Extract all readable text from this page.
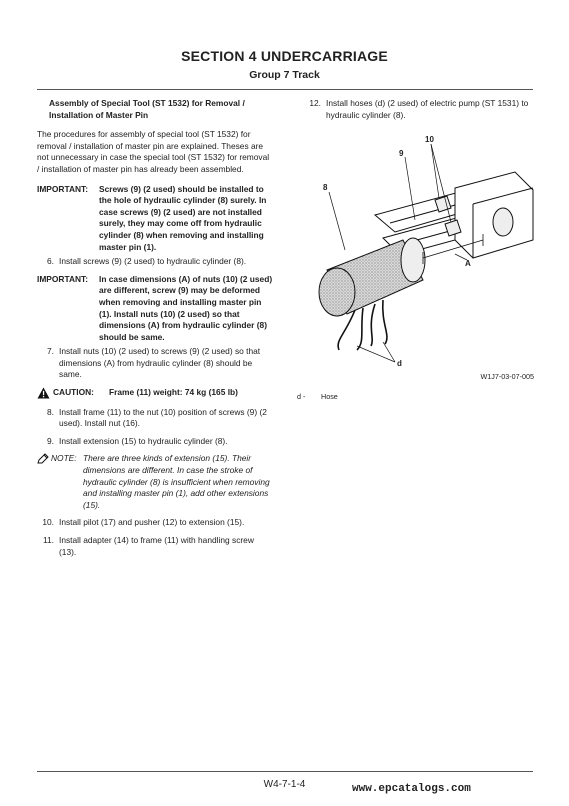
SECTION 4 UNDERCARRIAGE
Group 7 Track
Assembly of Special Tool (ST 1532) for Removal / Installation of Master Pin

The procedures for assembly of special tool (ST 1532) for removal / installation of master pin are explained. Theses are not unnecessary in case the special tool (ST 1532) for removal / installation of master pin has already been assembled.

IMPORTANT:	Screws (9) (2 used) should be installed to the hole of hydraulic cylinder (8) surely. In case screws (9) (2 used) are not installed surely, they may come off from hydraulic cylinder (8) when removing and installing master pin (1).
6. Install screws (9) (2 used) to hydraulic cylinder (8).
IMPORTANT:	In case dimensions (A) of nuts (10) (2 used) are different, screw (9) may be deformed when removing and installing master pin (1). Install nuts (10) (2 used) so that dimensions (A) from hydraulic cylinder (8) should be same.
7. Install nuts (10) (2 used) to screws (9) (2 used) so that dimensions (A) from hydraulic cylinder (8) should be same.
CAUTION:	Frame (11) weight: 74 kg (165 lb)
8. Install frame (11) to the nut (10) position of screws (9) (2 used). Install nut (16).
9. Install extension (15) to hydraulic cylinder (8).
NOTE: There are three kinds of extension (15). Their dimensions are different. In case the stroke of hydraulic cylinder (8) is insufficient when removing and installing master pin (1), add other extensions (15).
10. Install pilot (17) and pusher (12) to extension (15).
11. Install adapter (14) to frame (11) with handling screw (13).
12. Install hoses (d) (2 used) of electric pump (ST 1531) to hydraulic cylinder (8).
10
9
8
A
d
W1J7-03-07-005
d - Hose
W4-7-1-4	www.epcatalogs.com
